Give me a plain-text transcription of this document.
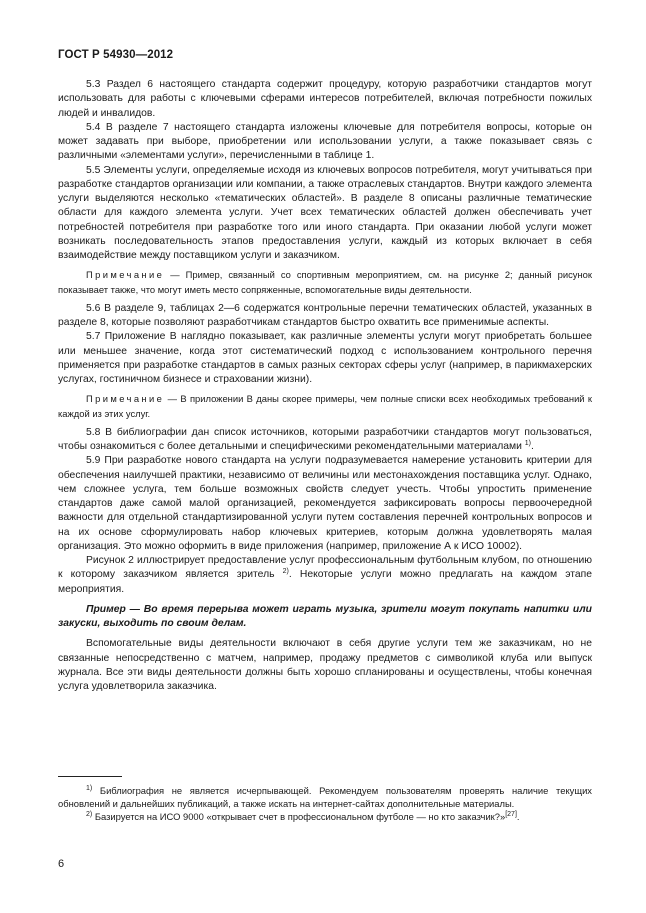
ГОСТ Р 54930—2012

5.3 Раздел 6 настоящего стандарта содержит процедуру, которую разработчики стандартов могут использовать для работы с ключевыми сферами интересов потребителей, включая потребности пожилых людей и инвалидов.

5.4 В разделе 7 настоящего стандарта изложены ключевые для потребителя вопросы, которые он может задавать при выборе, приобретении или использовании услуги, а также показывает связь с различными «элементами услуги», перечисленными в таблице 1.

5.5 Элементы услуги, определяемые исходя из ключевых вопросов потребителя, могут учитываться при разработке стандартов организации или компании, а также отраслевых стандартов. Внутри каждого элемента услуги выделяются несколько «тематических областей». В разделе 8 описаны различные тематические области для каждого элемента услуги. Учет всех тематических областей должен обеспечивать учет потребностей потребителя при разработке того или иного стандарта. При оказании любой услуги может возникать последовательность этапов предоставления услуги, каждый из которых включает в себя взаимодействие между поставщиком услуги и заказчиком.

Примечание — Пример, связанный со спортивным мероприятием, см. на рисунке 2; данный рисунок показывает также, что могут иметь место сопряженные, вспомогательные виды деятельности.

5.6 В разделе 9, таблицах 2—6 содержатся контрольные перечни тематических областей, указанных в разделе 8, которые позволяют разработчикам стандартов быстро охватить все применимые аспекты.

5.7 Приложение В наглядно показывает, как различные элементы услуги могут приобретать большее или меньшее значение, когда этот систематический подход с использованием контрольного перечня применяется при разработке стандартов в самых разных секторах сферы услуг (например, в парикмахерских услугах, гостиничном бизнесе и страховании жизни).

Примечание — В приложении В даны скорее примеры, чем полные списки всех необходимых требований к каждой из этих услуг.

5.8 В библиографии дан список источников, которыми разработчики стандартов могут пользоваться, чтобы ознакомиться с более детальными и специфическими рекомендательными материалами $^{1)}$.

5.9 При разработке нового стандарта на услуги подразумевается намерение установить критерии для обеспечения наилучшей практики, независимо от величины или местонахождения поставщика услуг. Однако, чем сложнее услуга, тем больше возможных свойств следует учесть. Чтобы упростить применение стандартов даже самой малой организацией, рекомендуется зафиксировать вопросы первоочередной важности для отдельной стандартизированной услуги путем составления перечней контрольных вопросов и на их основе сформулировать набор ключевых критериев, которым должна удовлетворять малая организация. Это можно оформить в виде приложения (например, приложение А к ИСО 10002).

Рисунок 2 иллюстрирует предоставление услуг профессиональным футбольным клубом, по отношению к которому заказчиком является зритель $^{2)}$. Некоторые услуги можно предлагать на каждом этапе мероприятия.

Пример — Во время перерыва может играть музыка, зрители могут покупать напитки или закуски, выходить по своим делам.

Вспомогательные виды деятельности включают в себя другие услуги тем же заказчикам, но не связанные непосредственно с матчем, например, продажу предметов с символикой клуба или выпуск журнала. Все эти виды деятельности должны быть хорошо спланированы и осуществлены, чтобы конечная услуга удовлетворила заказчика.

$^{1)}$ Библиография не является исчерпывающей. Рекомендуем пользователям проверять наличие текущих обновлений и дальнейших публикаций, а также искать на интернет-сайтах дополнительные материалы.

$^{2)}$ Базируется на ИСО 9000 «открывает счет в профессиональном футболе — но кто заказчик?»[27].

6
